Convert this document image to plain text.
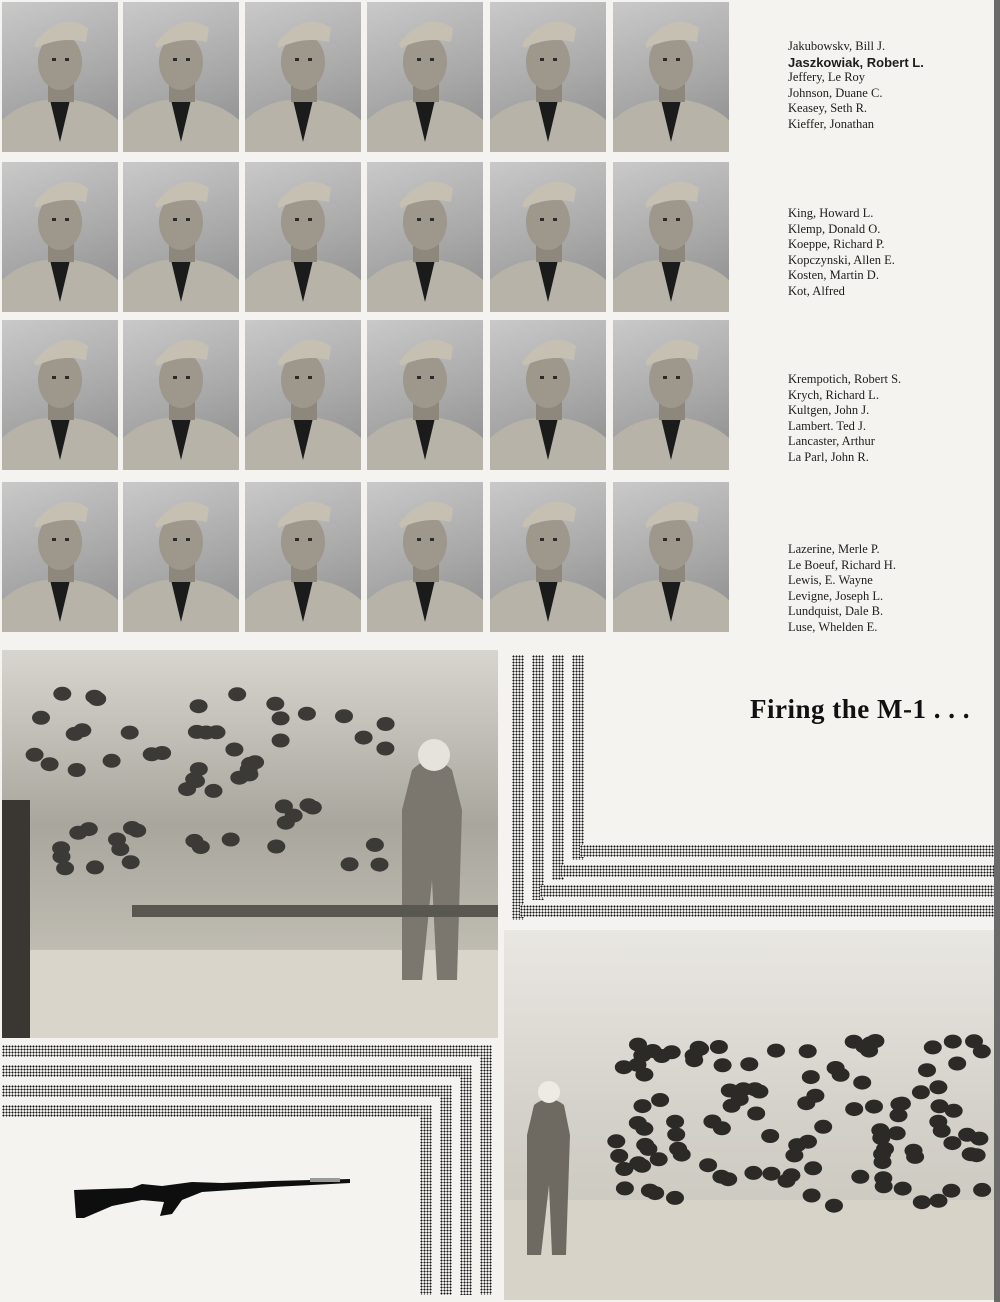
Jakubowskv, Bill J.
Jaszkowiak, Robert L.
Jeffery, Le Roy
Johnson, Duane C.
Keasey, Seth R.
Kieffer, Jonathan
King, Howard L.
Klemp, Donald O.
Koeppe, Richard P.
Kopczynski, Allen E.
Kosten, Martin D.
Kot, Alfred
Krempotich, Robert S.
Krych, Richard L.
Kultgen, John J.
Lambert. Ted J.
Lancaster, Arthur
La Parl, John R.
Lazerine, Merle P.
Le Boeuf, Richard H.
Lewis, E. Wayne
Levigne, Joseph L.
Lundquist, Dale B.
Luse, Whelden E.
Firing the M-1 . . .
